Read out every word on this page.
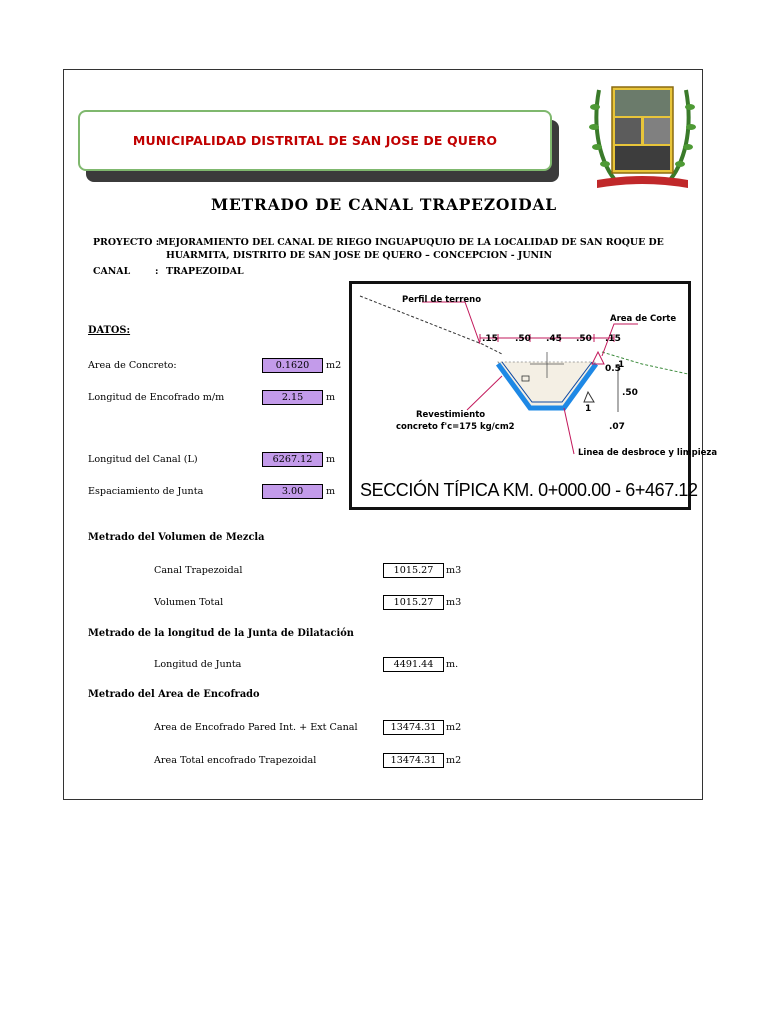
MUNICIPALIDAD DISTRITAL DE SAN JOSE DE QUERO
METRADO DE CANAL TRAPEZOIDAL
PROYECTO :
MEJORAMIENTO DEL CANAL DE RIEGO INGUAPUQUIO DE LA LOCALIDAD DE SAN ROQUE DE
HUARMITA, DISTRITO DE SAN JOSE DE QUERO – CONCEPCION - JUNIN
CANAL	: TRAPEZOIDAL
DATOS:
Area de Concreto:	0.1620	m2
Longitud de Encofrado m/m	2.15	m
Longitud del Canal (L)	6267.12	m
Espaciamiento de Junta	3.00	m
Perfil de terreno
Area de Corte
.15 .50 .45 .50 .15
0.5
1
1
.50
.07
Revestimiento
concreto f'c=175 kg/cm2
Linea de desbroce y limpieza
SECCIÓN TÍPICA KM. 0+000.00 - 6+467.12
Metrado del Volumen de Mezcla
Canal Trapezoidal	1015.27	m3
Volumen Total	1015.27	m3
Metrado de la longitud de la Junta de Dilatación
Longitud de Junta	4491.44	m.
Metrado del Area de Encofrado
Area de Encofrado Pared Int. + Ext Canal	13474.31	m2
Area Total encofrado Trapezoidal	13474.31	m2
